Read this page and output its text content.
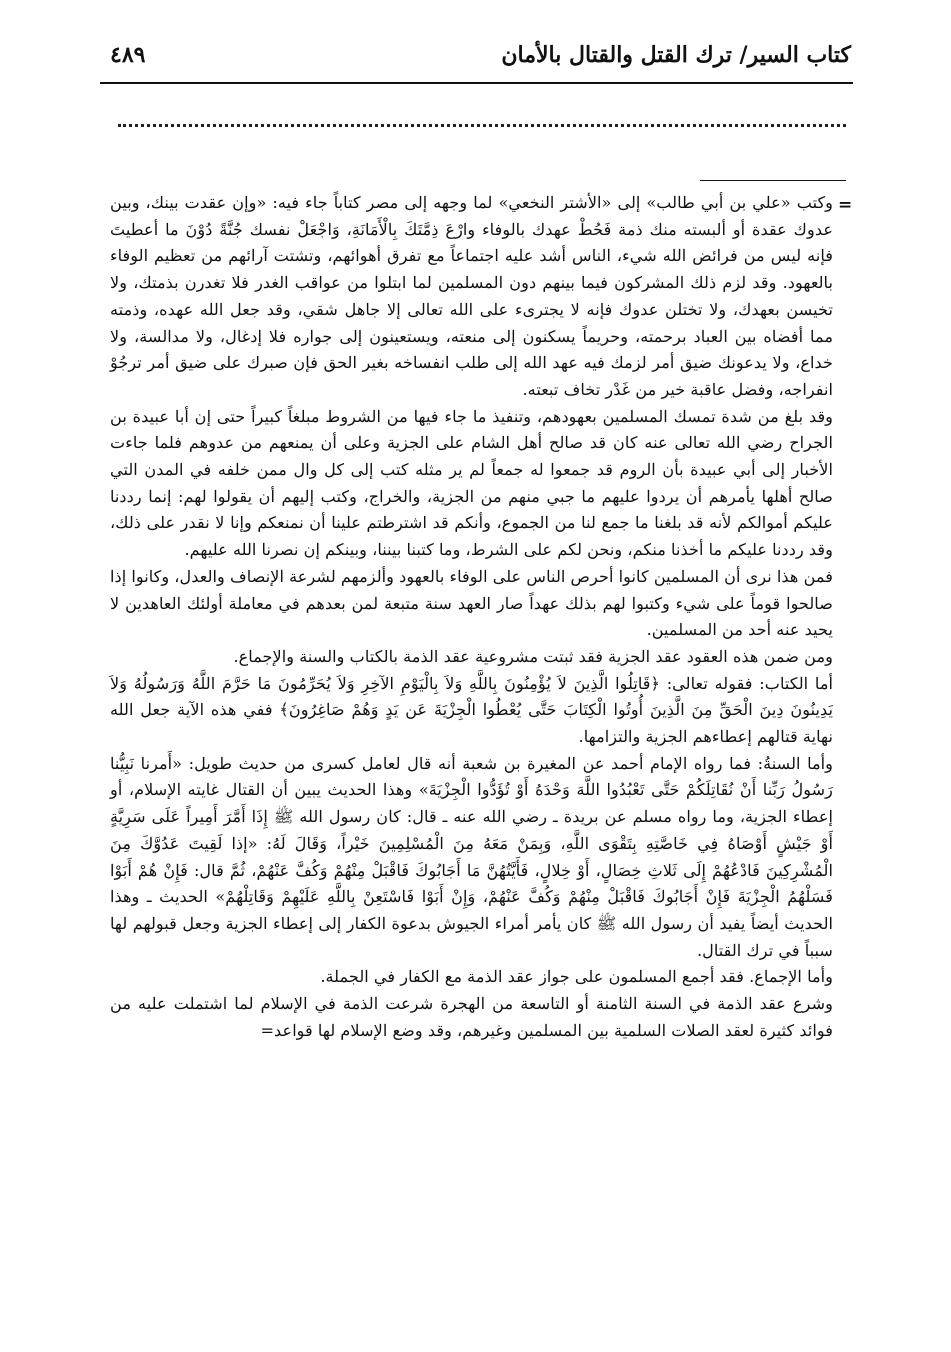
كتاب السير/ ترك القتل والقتال بالأمان
٤٨٩
=

وكتب «علي بن أبي طالب» إلى «الأشتر النخعي» لما وجهه إلى مصر كتاباً جاء فيه: «وإن عقدت بينك، وبين عدوك عقدة أو ألبسته منك ذمة فَحُطْ عهدك بالوفاء وارْعَ ذِمَّتَكَ بِالْأَمَانَةِ، وَاجْعَلْ نفسك جُنَّةً دُوْنَ ما أعطيتَ فإنه ليس من فرائض الله شيء، الناس أشد عليه اجتماعاً مع تفرق أهوائهم، وتشتت آرائهم من تعظيم الوفاء بالعهود. وقد لزم ذلك المشركون فيما بينهم دون المسلمين لما ابتلوا من عواقب الغدر فلا تغدرن بذمتك، ولا تخيسن بعهدك، ولا تختلن عدوك فإنه لا يجترىء على الله تعالى إلا جاهل شقي، وقد جعل الله عهده، وذمته مما أفضاه بين العباد برحمته، وحريماً يسكنون إلى منعته، ويستعينون إلى جواره فلا إدغال، ولا مدالسة، ولا خداع، ولا يدعونك ضيق أمر لزمك فيه عهد الله إلى طلب انفساخه بغير الحق فإن صبرك على ضيق أمر ترجُوْ انفراجه، وفضل عاقبة خير من غَدْر تخاف تبعته.

وقد بلغ من شدة تمسك المسلمين بعهودهم، وتنفيذ ما جاء فيها من الشروط مبلغاً كبيراً حتى إن أبا عبيدة بن الجراح رضي الله تعالى عنه كان قد صالح أهل الشام على الجزية وعلى أن يمنعهم من عدوهم فلما جاءت الأخبار إلى أبي عبيدة بأن الروم قد جمعوا له جمعاً لم ير مثله كتب إلى كل وال ممن خلفه في المدن التي صالح أهلها يأمرهم أن يردوا عليهم ما جبي منهم من الجزية، والخراج، وكتب إليهم أن يقولوا لهم: إنما رددنا عليكم أموالكم لأنه قد بلغنا ما جمع لنا من الجموع، وأنكم قد اشترطتم علينا أن نمنعكم وإنا لا نقدر على ذلك، وقد رددنا عليكم ما أخذنا منكم، ونحن لكم على الشرط، وما كتبنا بيننا، وبينكم إن نصرنا الله عليهم.

فمن هذا نرى أن المسلمين كانوا أحرص الناس على الوفاء بالعهود وألزمهم لشرعة الإنصاف والعدل، وكانوا إذا صالحوا قوماً على شيء وكتبوا لهم بذلك عهداً صار العهد سنة متبعة لمن بعدهم في معاملة أولئك العاهدين لا يحيد عنه أحد من المسلمين.

ومن ضمن هذه العقود عقد الجزية فقد ثبتت مشروعية عقد الذمة بالكتاب والسنة والإجماع.

أما الكتاب: فقوله تعالى: ﴿قَاتِلُوا الَّذِينَ لاَ يُؤْمِنُونَ بِاللَّهِ وَلاَ بِالْيَوْمِ الآخِرِ وَلاَ يُحَرِّمُونَ مَا حَرَّمَ اللَّهُ وَرَسُولُهُ وَلاَ يَدِينُونَ دِينَ الْحَقِّ مِنَ الَّذِينَ أُوتُوا الْكِتَابَ حَتَّى يُعْطُوا الْجِزْيَةَ عَن يَدٍ وَهُمْ صَاغِرُونَ﴾ ففي هذه الآية جعل الله نهاية قتالهم إعطاءهم الجزية والتزامها.

وأما السنةُ: فما رواه الإمام أحمد عن المغيرة بن شعبة أنه قال لعامل كسرى من حديث طويل: «أَمرنا نَبِيُّنا رَسُولُ رَبِّنا أَنْ نُقَاتِلَكُمْ حَتَّى تَعْبُدُوا اللَّهَ وَحْدَهُ أَوْ تُؤَدُّوا الْجِزْيَةَ» وهذا الحديث يبين أن القتال غايته الإسلام، أو إعطاء الجزية، وما رواه مسلم عن بريدة ـ رضي الله عنه ـ قال: كان رسول الله ﷺ إِذَا أَمَّرَ أَمِيراً عَلَى سَرِيَّةٍ أَوْ جَيْشٍ أَوْصَاهُ فِي خَاصَّتِهِ بِتَقْوَى اللَّهِ، وَبِمَنْ مَعَهُ مِنَ الْمُسْلِمِينَ خَيْراً، وَقَالَ لَهُ: «إذا لَقِيتَ عَدُوَّكَ مِنَ الْمُشْرِكِينَ فَادْعُهُمْ إِلَى ثَلاثِ خِصَالٍ، أَوْ خِلالٍ، فَأَيَّتُهُنَّ مَا أَجَابُوكَ فَاقْبَلْ مِنْهُمْ وَكُفَّ عَنْهُمْ، ثُمَّ قال: فَإِنْ هُمْ أَبَوْا فَسَلْهُمُ الْجِزْيَةَ فَإِنْ أَجَابُوكَ فَاقْبَلْ مِنْهُمْ وَكُفَّ عَنْهُمْ، وَإِنْ أَبَوْا فَاسْتَعِنْ بِاللَّهِ عَلَيْهِمْ وَقَاتِلْهُمْ» الحديث ـ وهذا الحديث أيضاً يفيد أن رسول الله ﷺ كان يأمر أمراء الجيوش بدعوة الكفار إلى إعطاء الجزية وجعل قبولهم لها سبباً في ترك القتال.

وأما الإجماع. فقد أجمع المسلمون على جواز عقد الذمة مع الكفار في الجملة.

وشرع عقد الذمة في السنة الثامنة أو التاسعة من الهجرة شرعت الذمة في الإسلام لما اشتملت عليه من فوائد كثيرة لعقد الصلات السلمية بين المسلمين وغيرهم، وقد وضع الإسلام لها قواعد=
